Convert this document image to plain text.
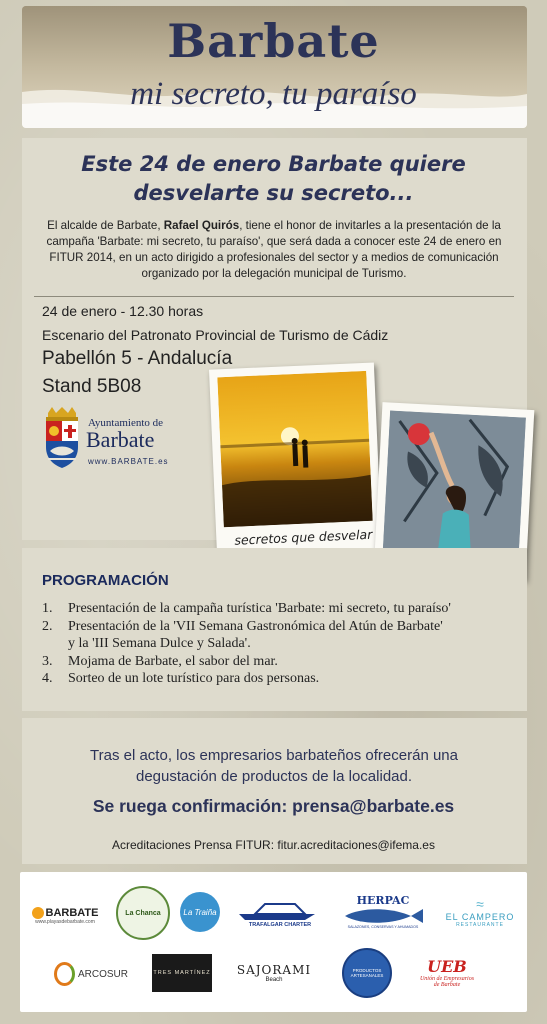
Barbate
mi secreto, tu paraíso
Este 24 de enero Barbate quiere
desvelarte su secreto...
El alcalde de Barbate, Rafael Quirós, tiene el honor de invitarles a la presentación de la campaña 'Barbate: mi secreto, tu paraíso', que será dada a conocer este 24 de enero en FITUR 2014, en un acto dirigido a profesionales del sector y a medios de comunicación organizado por la delegación municipal de Turismo.
24 de enero - 12.30 horas
Escenario del Patronato Provincial de Turismo de Cádiz
Pabellón 5 - Andalucía
Stand 5B08
Ayuntamiento de
Barbate
www.BARBATE.es
secretos que desvelar
PROGRAMACIÓN
1. Presentación de la campaña turística 'Barbate: mi secreto, tu paraíso'
2. Presentación de la 'VII Semana Gastronómica del Atún de Barbate'
y la 'III Semana Dulce y Salada'.
3. Mojama de Barbate, el sabor del mar.
4. Sorteo de un lote turístico para dos personas.
Tras el acto, los empresarios barbateños ofrecerán una
degustación de productos de la localidad.
Se ruega confirmación: prensa@barbate.es
Acreditaciones Prensa FITUR: fitur.acreditaciones@ifema.es
BARBATE
www.playasdebarbate.com
La Chanca	La Traiña
TRAFALGAR CHARTER
HERPAC
SALAZONES, CONSERVAS Y AHUMADOS
≈
EL CAMPERO
RESTAURANTE
ARCOSUR	TRES MARTÍNEZ SAJORAMI
Beach
PRODUCTOS ARTESANALES	UEB
Unión de Empresarios
de Barbate
